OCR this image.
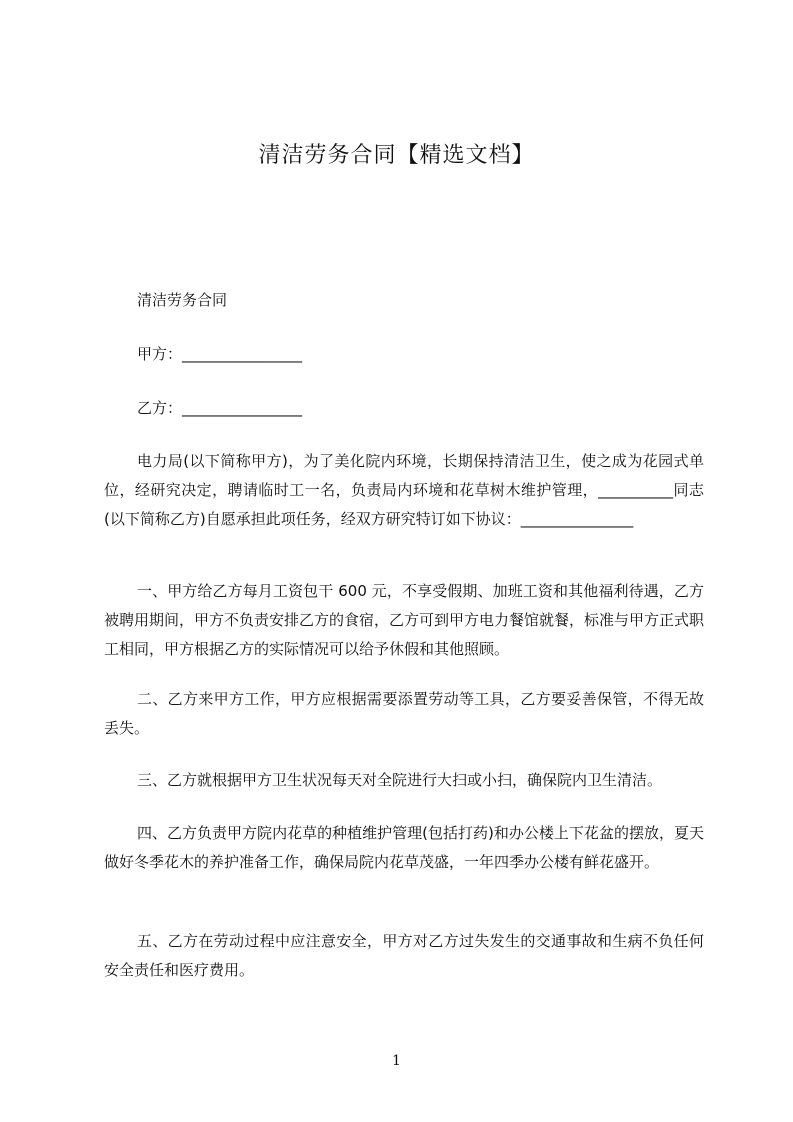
清洁劳务合同【精选文档】
清洁劳务合同
甲方：________________
乙方：________________
电力局(以下简称甲方)，为了美化院内环境，长期保持清洁卫生，使之成为花园式单位，经研究决定，聘请临时工一名，负责局内环境和花草树木维护管理，__________同志(以下简称乙方)自愿承担此项任务，经双方研究特订如下协议：_______________
一、甲方给乙方每月工资包干 600 元，不享受假期、加班工资和其他福利待遇，乙方被聘用期间，甲方不负责安排乙方的食宿，乙方可到甲方电力餐馆就餐，标准与甲方正式职工相同，甲方根据乙方的实际情况可以给予休假和其他照顾。
二、乙方来甲方工作，甲方应根据需要添置劳动等工具，乙方要妥善保管，不得无故丢失。
三、乙方就根据甲方卫生状况每天对全院进行大扫或小扫，确保院内卫生清洁。
四、乙方负责甲方院内花草的种植维护管理(包括打药)和办公楼上下花盆的摆放，夏天做好冬季花木的养护准备工作，确保局院内花草茂盛，一年四季办公楼有鲜花盛开。
五、乙方在劳动过程中应注意安全，甲方对乙方过失发生的交通事故和生病不负任何安全责任和医疗费用。
1
